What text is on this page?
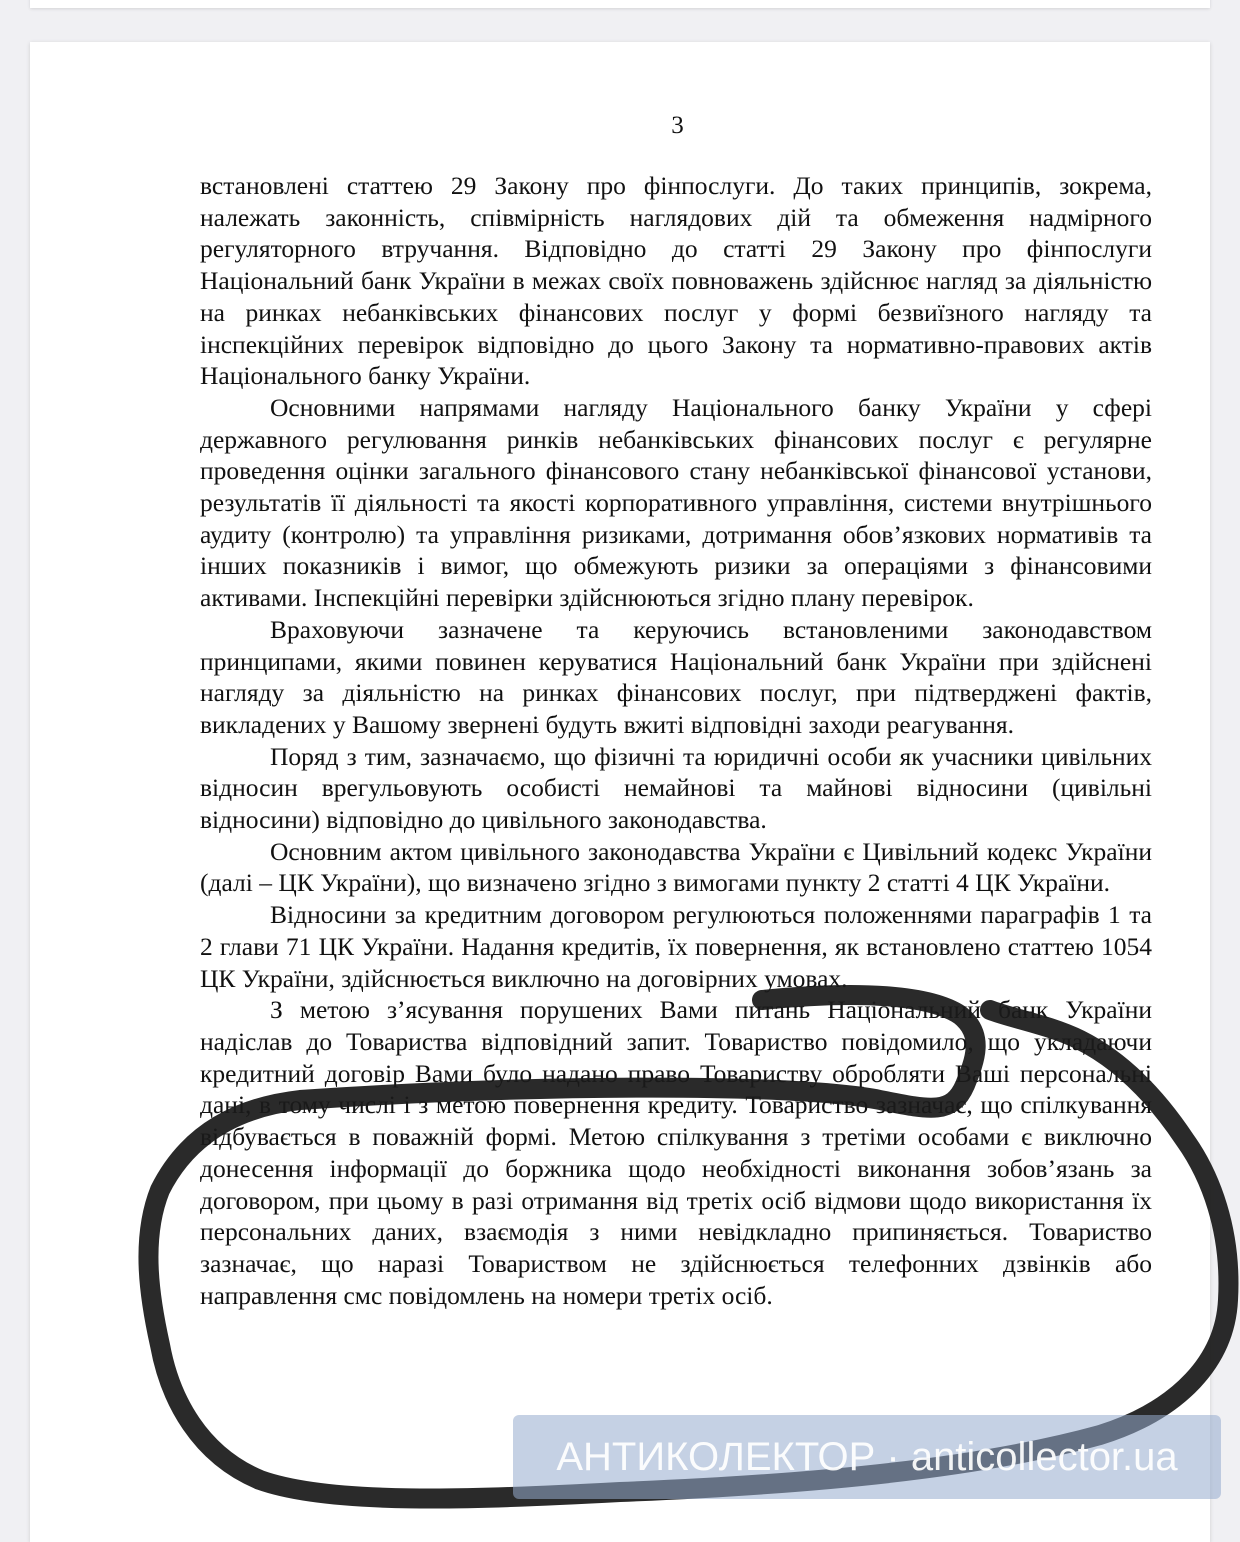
3

встановлені статтею 29 Закону про фінпослуги. До таких принципів, зокрема, належать законність, співмірність наглядових дій та обмеження надмірного регуляторного втручання. Відповідно до статті 29 Закону про фінпослуги Національний банк України в межах своїх повноважень здійснює нагляд за діяльністю на ринках небанківських фінансових послуг у формі безвиїзного нагляду та інспекційних перевірок відповідно до цього Закону та нормативно-правових актів Національного банку України.

Основними напрямами нагляду Національного банку України у сфері державного регулювання ринків небанківських фінансових послуг є регулярне проведення оцінки загального фінансового стану небанківської фінансової установи, результатів її діяльності та якості корпоративного управління, системи внутрішнього аудиту (контролю) та управління ризиками, дотримання обов’язкових нормативів та інших показників і вимог, що обмежують ризики за операціями з фінансовими активами. Інспекційні перевірки здійснюються згідно плану перевірок.

Враховуючи зазначене та керуючись встановленими законодавством принципами, якими повинен керуватися Національний банк України при здійснені нагляду за діяльністю на ринках фінансових послуг, при підтверджені фактів, викладених у Вашому звернені будуть вжиті відповідні заходи реагування.

Поряд з тим, зазначаємо, що фізичні та юридичні особи як учасники цивільних відносин врегульовують особисті немайнові та майнові відносини (цивільні відносини) відповідно до цивільного законодавства.

Основним актом цивільного законодавства України є Цивільний кодекс України (далі – ЦК України), що визначено згідно з вимогами пункту 2 статті 4 ЦК України.

Відносини за кредитним договором регулюються положеннями параграфів 1 та 2 глави 71 ЦК України. Надання кредитів, їх повернення, як встановлено статтею 1054 ЦК України, здійснюється виключно на договірних умовах.

З метою з’ясування порушених Вами питань Національний банк України надіслав до Товариства відповідний запит. Товариство повідомило, що укладаючи кредитний договір Вами було надано право Товариству обробляти Ваші персональні дані, в тому числі і з метою повернення кредиту. Товариство зазначає, що спілкування відбувається в поважній формі. Метою спілкування з третіми особами є виключно донесення інформації до боржника щодо необхідності виконання зобов’язань за договором, при цьому в разі отримання від третіх осіб відмови щодо використання їх персональних даних, взаємодія з ними невідкладно припиняється. Товариство зазначає, що наразі Товариством не здійснюється телефонних дзвінків або направлення смс повідомлень на номери третіх осіб.

АНТИКОЛЕКТОР · anticollector.ua
